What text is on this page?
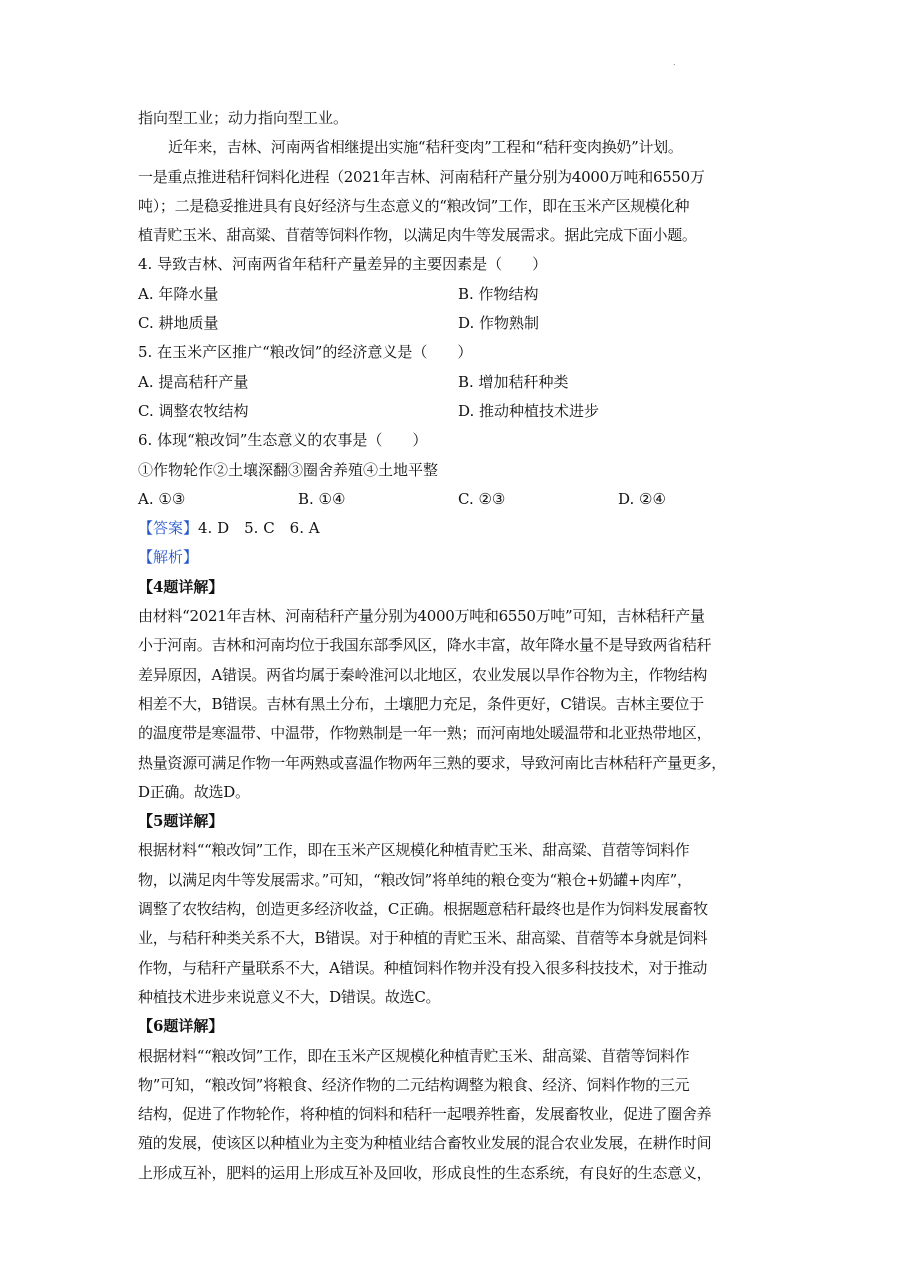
.
指向型工业；动力指向型工业。
近年来，吉林、河南两省相继提出实施“秸秆变肉”工程和“秸秆变肉换奶”计划。
一是重点推进秸秆饲料化进程（2021年吉林、河南秸秆产量分别为4000万吨和6550万
吨）；二是稳妥推进具有良好经济与生态意义的“粮改饲”工作，即在玉米产区规模化种
植青贮玉米、甜高粱、苜蓿等饲料作物，以满足肉牛等发展需求。据此完成下面小题。
4. 导致吉林、河南两省年秸秆产量差异的主要因素是（　　）
A. 年降水量	B. 作物结构
C. 耕地质量	D. 作物熟制
5. 在玉米产区推广“粮改饲”的经济意义是（　　）
A. 提高秸秆产量	B. 增加秸秆种类
C. 调整农牧结构	D. 推动种植技术进步
6. 体现“粮改饲”生态意义的农事是（　　）
①作物轮作②土壤深翻③圈舍养殖④土地平整
A. ①③	B. ①④	C. ②③	D. ②④
【答案】4. D　5. C　6. A
【解析】
【4题详解】
由材料“2021年吉林、河南秸秆产量分别为4000万吨和6550万吨”可知，吉林秸秆产量
小于河南。吉林和河南均位于我国东部季风区，降水丰富，故年降水量不是导致两省秸秆
差异原因，A错误。两省均属于秦岭淮河以北地区，农业发展以旱作谷物为主，作物结构
相差不大，B错误。吉林有黑土分布，土壤肥力充足，条件更好，C错误。吉林主要位于
的温度带是寒温带、中温带，作物熟制是一年一熟；而河南地处暖温带和北亚热带地区，
热量资源可满足作物一年两熟或喜温作物两年三熟的要求，导致河南比吉林秸秆产量更多，
D正确。故选D。
【5题详解】
根据材料““粮改饲”工作，即在玉米产区规模化种植青贮玉米、甜高粱、苜蓿等饲料作
物，以满足肉牛等发展需求。”可知，“粮改饲”将单纯的粮仓变为“粮仓+奶罐+肉库”，
调整了农牧结构，创造更多经济收益，C正确。根据题意秸秆最终也是作为饲料发展畜牧
业，与秸秆种类关系不大，B错误。对于种植的青贮玉米、甜高粱、苜蓿等本身就是饲料
作物，与秸秆产量联系不大，A错误。种植饲料作物并没有投入很多科技技术，对于推动
种植技术进步来说意义不大，D错误。故选C。
【6题详解】
根据材料““粮改饲”工作，即在玉米产区规模化种植青贮玉米、甜高粱、苜蓿等饲料作
物”可知，“粮改饲”将粮食、经济作物的二元结构调整为粮食、经济、饲料作物的三元
结构，促进了作物轮作，将种植的饲料和秸秆一起喂养牲畜，发展畜牧业，促进了圈舍养
殖的发展，使该区以种植业为主变为种植业结合畜牧业发展的混合农业发展，在耕作时间
上形成互补，肥料的运用上形成互补及回收，形成良性的生态系统，有良好的生态意义，
